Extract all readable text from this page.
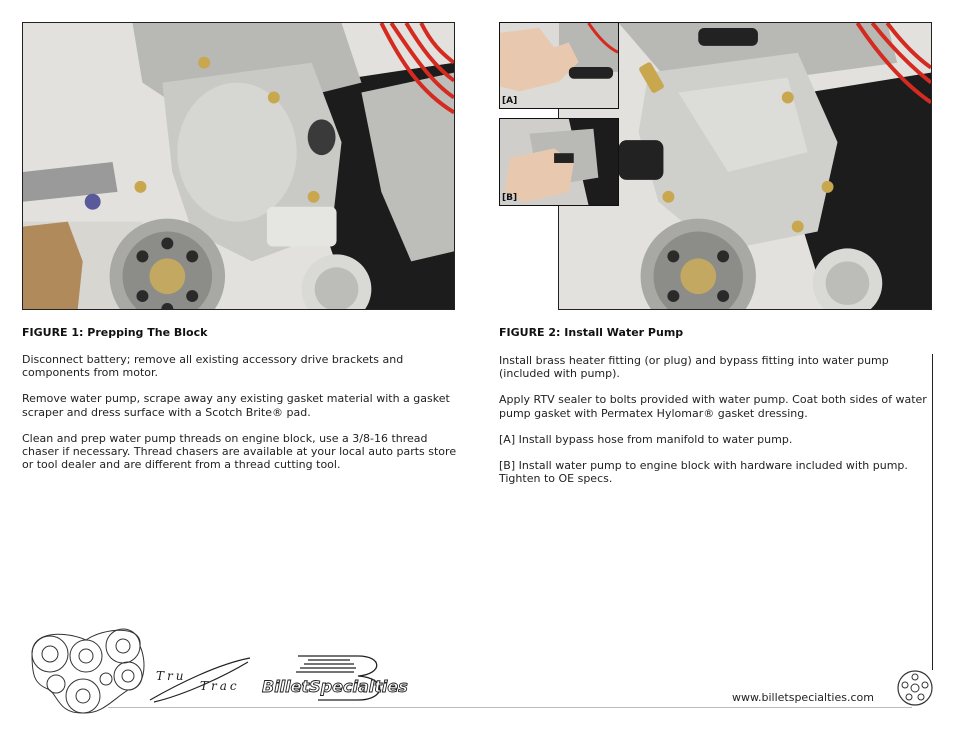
[A]
[B]
FIGURE 1: Prepping The Block

Disconnect battery; remove all existing accessory drive brackets and components from motor.

Remove water pump, scrape away any existing gasket material with a gasket scraper and dress surface with a Scotch Brite® pad.

Clean and prep water pump threads on engine block, use a 3/8-16 thread chaser if necessary. Thread chasers are available at your local auto parts store or tool dealer and are different from a thread cutting tool.

FIGURE 2: Install Water Pump

Install brass heater fitting (or plug) and bypass fitting into water pump (included with pump).

Apply RTV sealer to bolts provided with water pump. Coat both sides of water pump gasket with Permatex Hylomar® gasket dressing.

[A] Install bypass hose from manifold to water pump.

[B] Install water pump to engine block with hardware included with pump. Tighten to OE specs.

Tru
Trac BilletSpecialties
www.billetspecialties.com
